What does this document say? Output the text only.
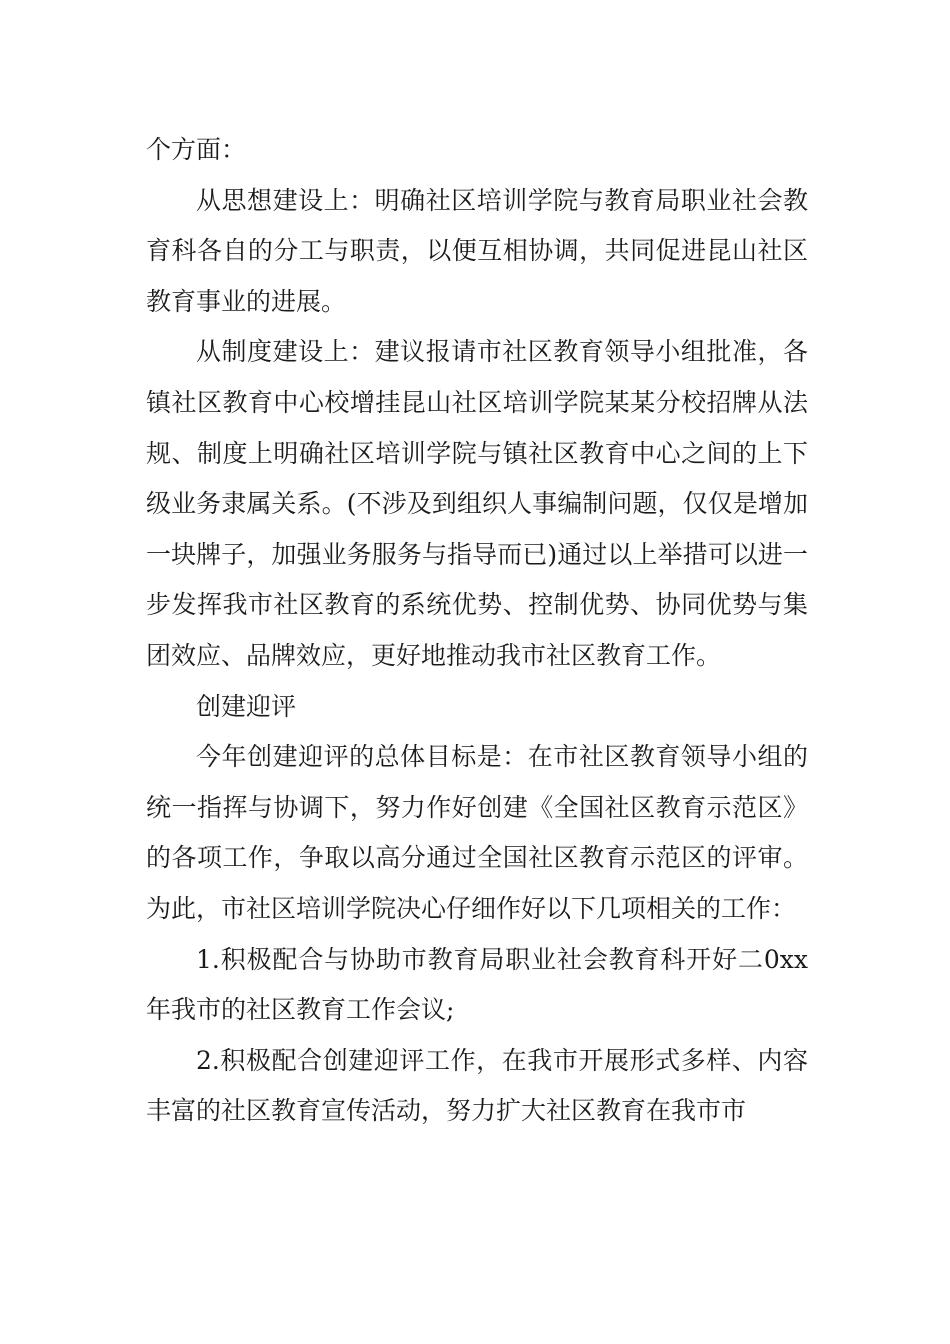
个方面：

从思想建设上：明确社区培训学院与教育局职业社会教育科各自的分工与职责，以便互相协调，共同促进昆山社区教育事业的进展。

从制度建设上：建议报请市社区教育领导小组批准，各镇社区教育中心校增挂昆山社区培训学院某某分校招牌从法规、制度上明确社区培训学院与镇社区教育中心之间的上下级业务隶属关系。(不涉及到组织人事编制问题，仅仅是增加一块牌子，加强业务服务与指导而已)通过以上举措可以进一步发挥我市社区教育的系统优势、控制优势、协同优势与集团效应、品牌效应，更好地推动我市社区教育工作。

创建迎评

今年创建迎评的总体目标是：在市社区教育领导小组的统一指挥与协调下，努力作好创建《全国社区教育示范区》的各项工作，争取以高分通过全国社区教育示范区的评审。为此，市社区培训学院决心仔细作好以下几项相关的工作：

1.积极配合与协助市教育局职业社会教育科开好二0xx年我市的社区教育工作会议;

2.积极配合创建迎评工作，在我市开展形式多样、内容丰富的社区教育宣传活动，努力扩大社区教育在我市市
